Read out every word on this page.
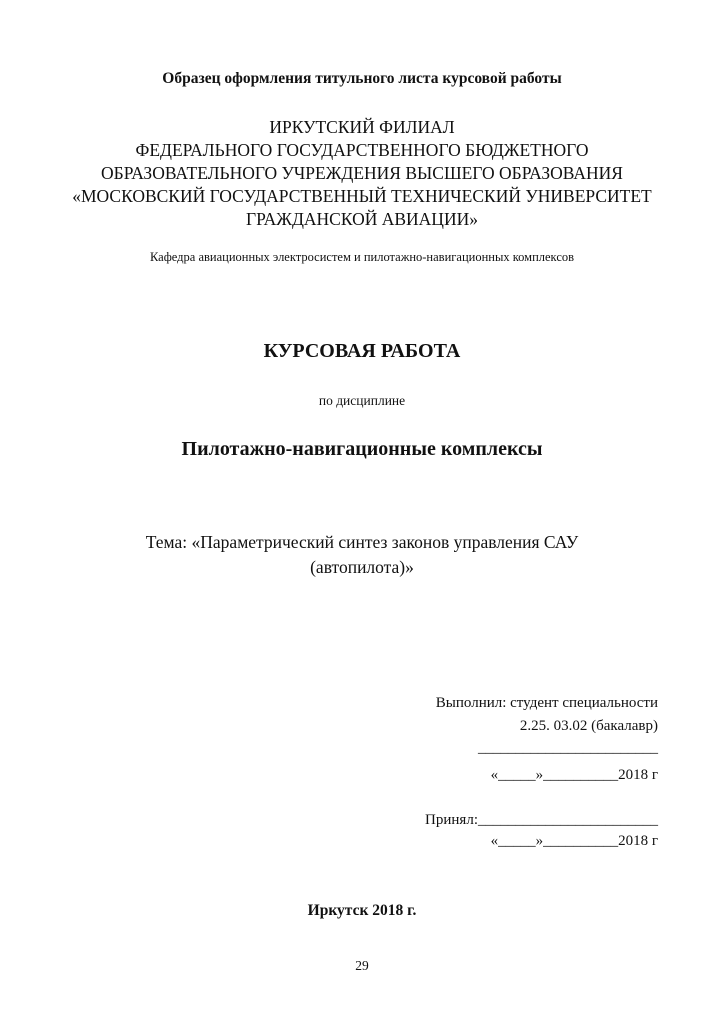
Образец оформления титульного листа курсовой работы
ИРКУТСКИЙ ФИЛИАЛ
ФЕДЕРАЛЬНОГО ГОСУДАРСТВЕННОГО БЮДЖЕТНОГО
ОБРАЗОВАТЕЛЬНОГО УЧРЕЖДЕНИЯ ВЫСШЕГО ОБРАЗОВАНИЯ
«МОСКОВСКИЙ ГОСУДАРСТВЕННЫЙ ТЕХНИЧЕСКИЙ УНИВЕРСИТЕТ
ГРАЖДАНСКОЙ АВИАЦИИ»
Кафедра авиационных электросистем и пилотажно-навигационных комплексов
КУРСОВАЯ РАБОТА
по дисциплине
Пилотажно-навигационные комплексы
Тема: «Параметрический синтез законов управления САУ
(автопилота)»
Выполнил: студент специальности
2.25. 03.02 (бакалавр)
________________________
«_____»__________2018 г
Принял:________________________
«_____»__________2018 г
Иркутск 2018 г.
29
